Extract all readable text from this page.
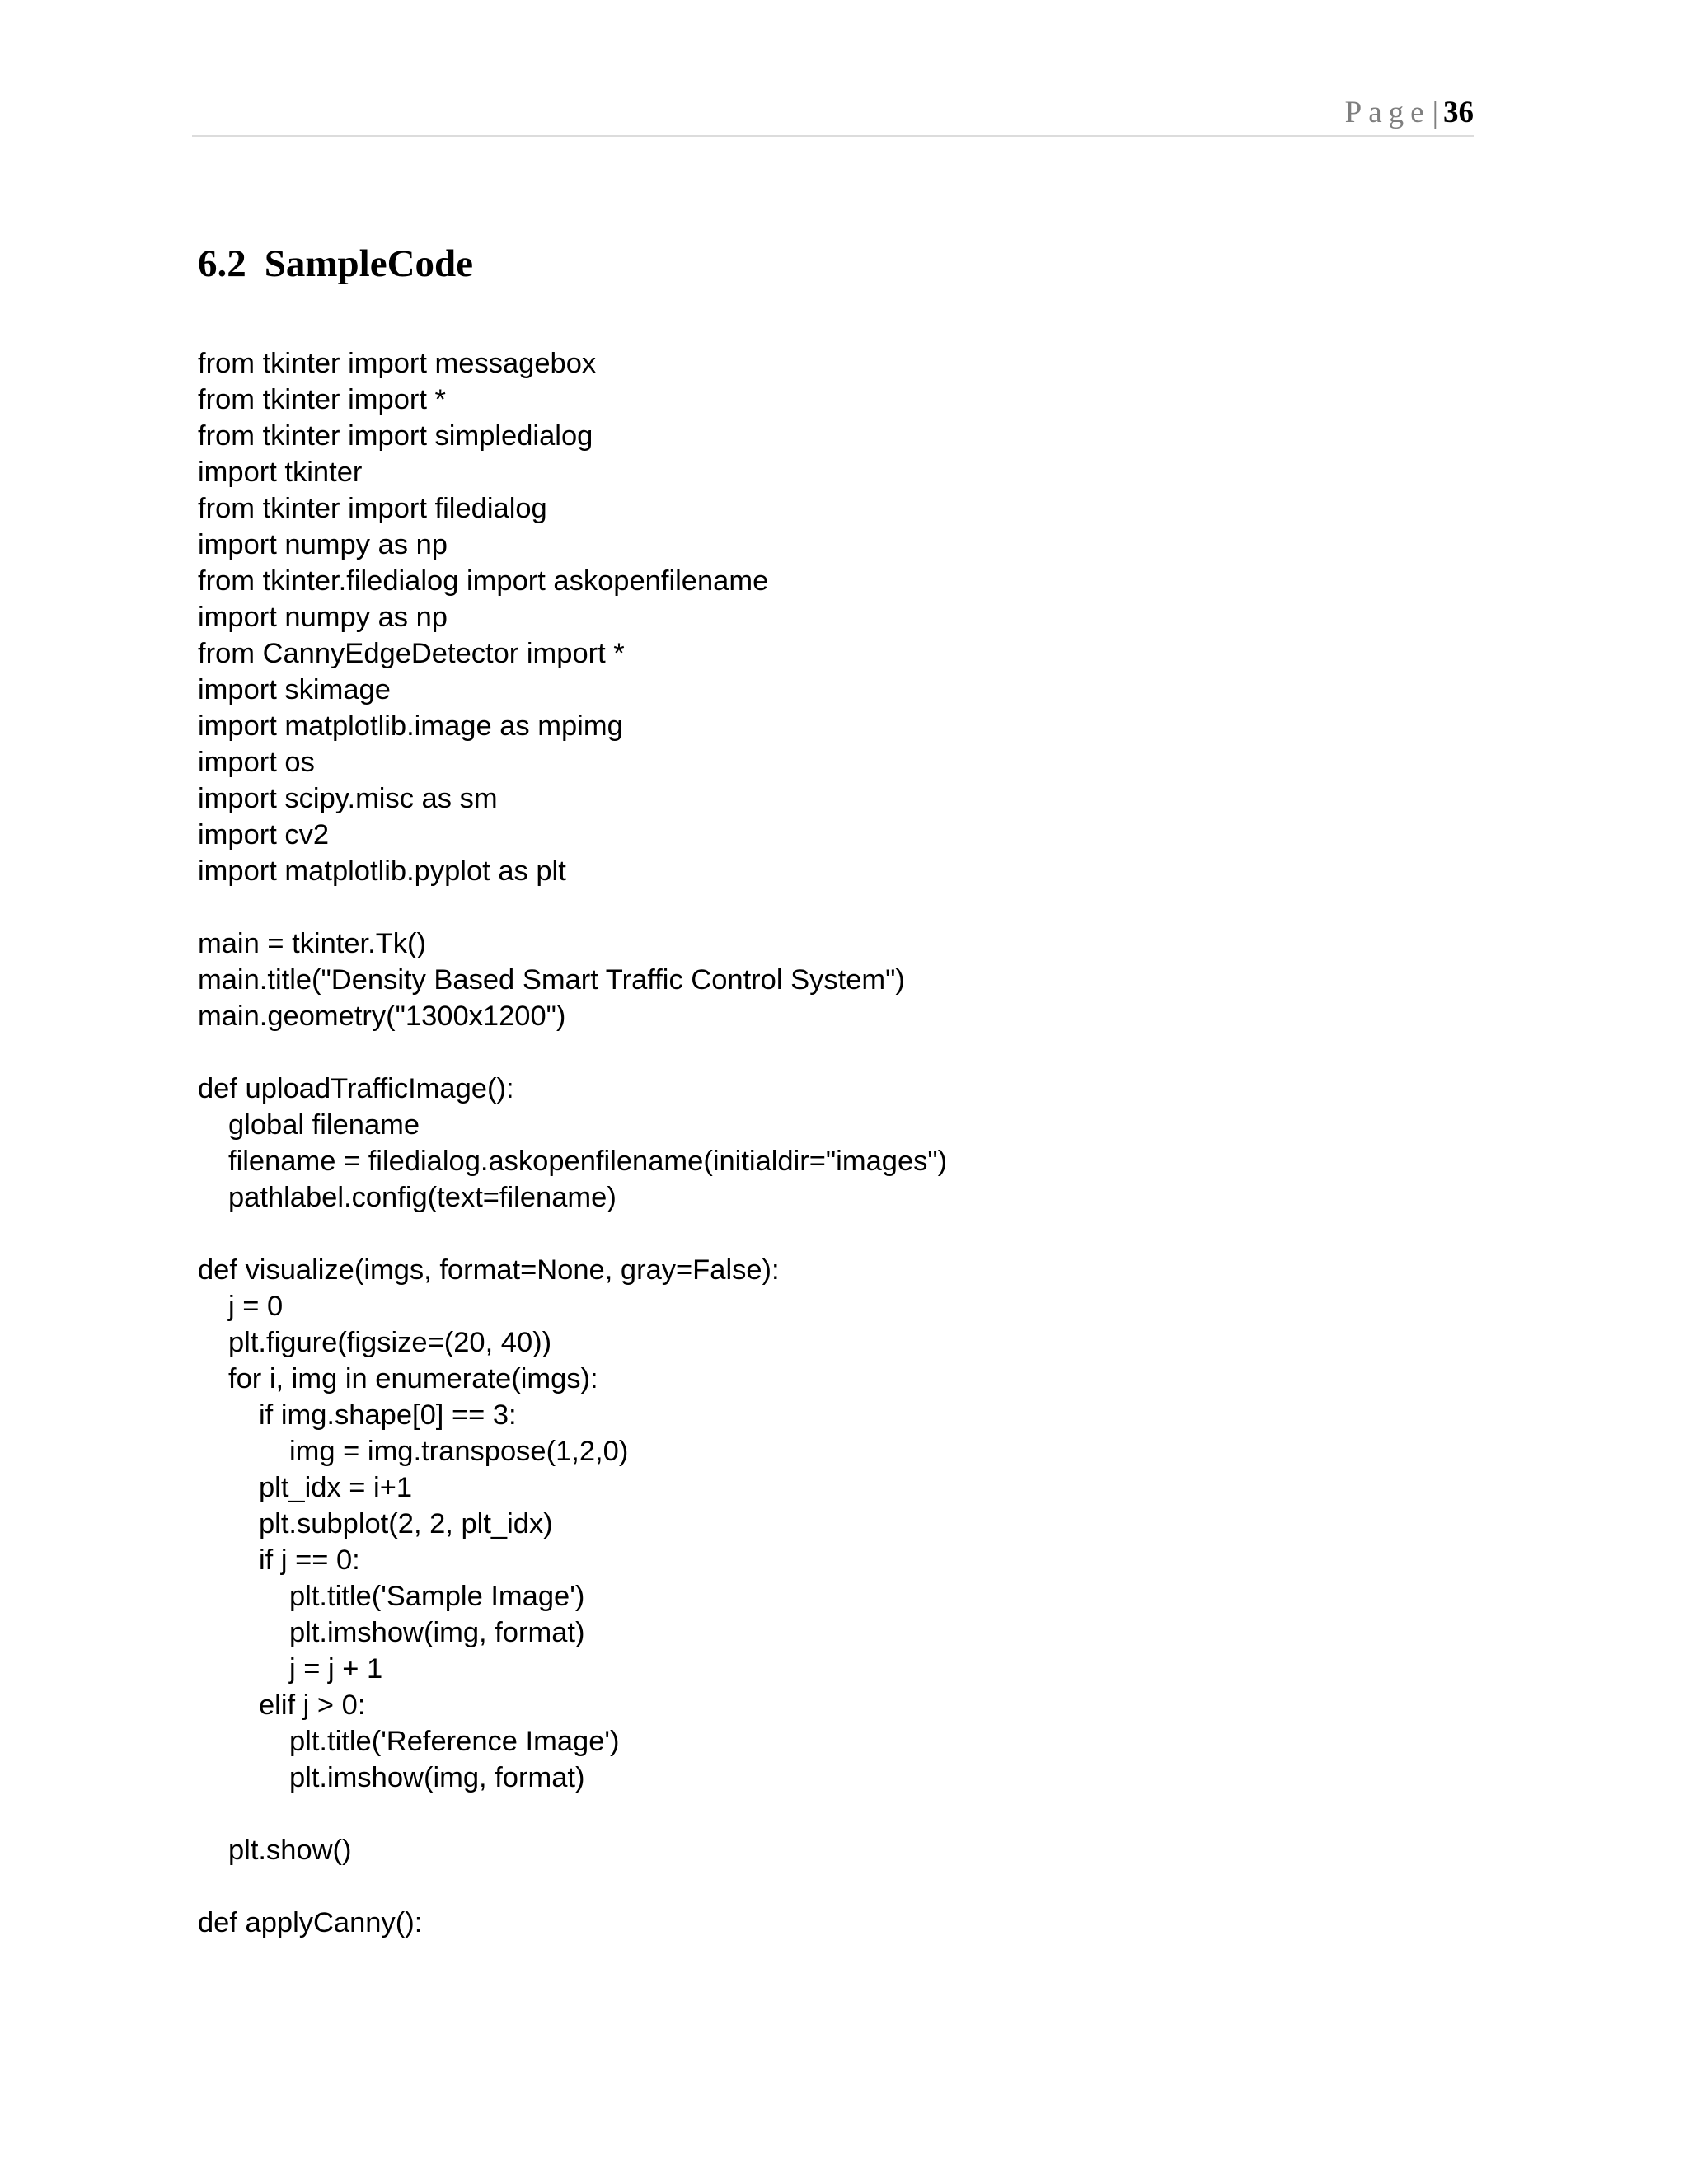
Page| 36
6.2 SampleCode
from tkinter import messagebox
from tkinter import *
from tkinter import simpledialog
import tkinter
from tkinter import filedialog
import numpy as np
from tkinter.filedialog import askopenfilename
import numpy as np
from CannyEdgeDetector import *
import skimage
import matplotlib.image as mpimg
import os
import scipy.misc as sm
import cv2
import matplotlib.pyplot as plt
main = tkinter.Tk()
main.title("Density Based Smart Traffic Control System")
main.geometry("1300x1200")
def uploadTrafficImage():
global filename
filename = filedialog.askopenfilename(initialdir="images")
pathlabel.config(text=filename)
def visualize(imgs, format=None, gray=False):
j = 0
plt.figure(figsize=(20, 40))
for i, img in enumerate(imgs):
if img.shape[0] == 3:
img = img.transpose(1,2,0)
plt_idx = i+1
plt.subplot(2, 2, plt_idx)
if j == 0:
plt.title('Sample Image')
plt.imshow(img, format)
j = j + 1
elif j > 0:
plt.title('Reference Image')
plt.imshow(img, format)
plt.show()
def applyCanny():
